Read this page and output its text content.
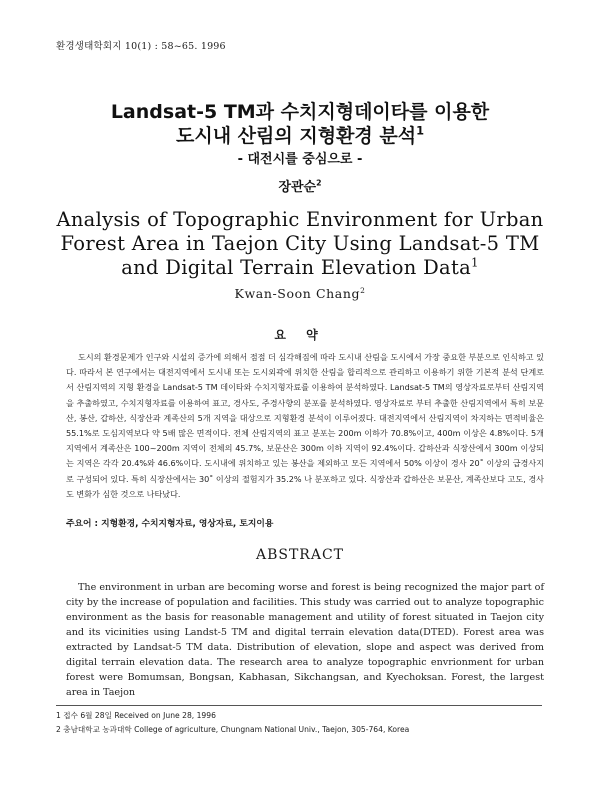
환경생태학회지 10(1) : 58~65. 1996
Landsat-5 TM과 수치지형데이타를 이용한
도시내 산림의 지형환경 분석$^1$
- 대전시를 중심으로 -
장관순$^2$
Analysis of Topographic Environment for Urban
Forest Area in Taejon City Using Landsat-5 TM
and Digital Terrain Elevation Data$^1$
Kwan-Soon Chang$^2$
요 약
도시의 환경문제가 인구와 시설의 증가에 의해서 점점 더 심각해짐에 따라 도시내 산림을 도시에서 가장 중요한 부분으로 인식하고 있다. 따라서 본 연구에서는 대전지역에서 도시내 또는 도시외곽에 위치한 산림을 합리적으로 관리하고 이용하기 위한 기본적 분석 단계로서 산림지역의 지형 환경을 Landsat-5 TM 데이타와 수치지형자료를 이용하여 분석하였다. Landsat-5 TM의 영상자료로부터 산림지역을 추출하였고, 수치지형자료를 이용하여 표고, 경사도, 주경사향의 분포를 분석하였다. 영상자료로 부터 추출한 산림지역에서 특히 보문산, 봉산, 갑하산, 식장산과 계족산의 5개 지역을 대상으로 지형환경 분석이 이루어졌다. 대전지역에서 산림지역이 차지하는 면적비율은 55.1%로 도심지역보다 약 5배 많은 면적이다. 전체 산림지역의 표고 분포는 200m 이하가 70.8%이고, 400m 이상은 4.8%이다. 5개 지역에서 계족산은 100~200m 지역이 전체의 45.7%, 보문산은 300m 이하 지역이 92.4%이다. 갑하산과 식장산에서 300m 이상되는 지역은 각각 20.4%와 46.6%이다. 도시내에 위치하고 있는 봉산을 제외하고 모든 지역에서 50% 이상이 경사 20˚ 이상의 급경사지로 구성되어 있다. 특히 식장산에서는 30˚ 이상의 절험지가 35.2% 나 분포하고 있다. 식장산과 갑하산은 보문산, 계족산보다 고도, 경사도 변화가 심한 것으로 나타났다.
주요어 : 지형환경, 수치지형자료, 영상자료, 토지이용
ABSTRACT
The environment in urban are becoming worse and forest is being recognized the major part of city by the increase of population and facilities. This study was carried out to analyze topographic environment as the basis for reasonable management and utility of forest situated in Taejon city and its vicinities using Landst-5 TM and digital terrain elevation data(DTED). Forest area was extracted by Landsat-5 TM data. Distribution of elevation, slope and aspect was derived from digital terrain elevation data. The research area to analyze topographic envrionment for urban forest were Bomumsan, Bongsan, Kabhasan, Sikchangsan, and Kyechoksan. Forest, the largest area in Taejon
1 접수 6월 28일 Received on June 28, 1996
2 충남대학교 농과대학 College of agriculture, Chungnam National Univ., Taejon, 305-764, Korea
